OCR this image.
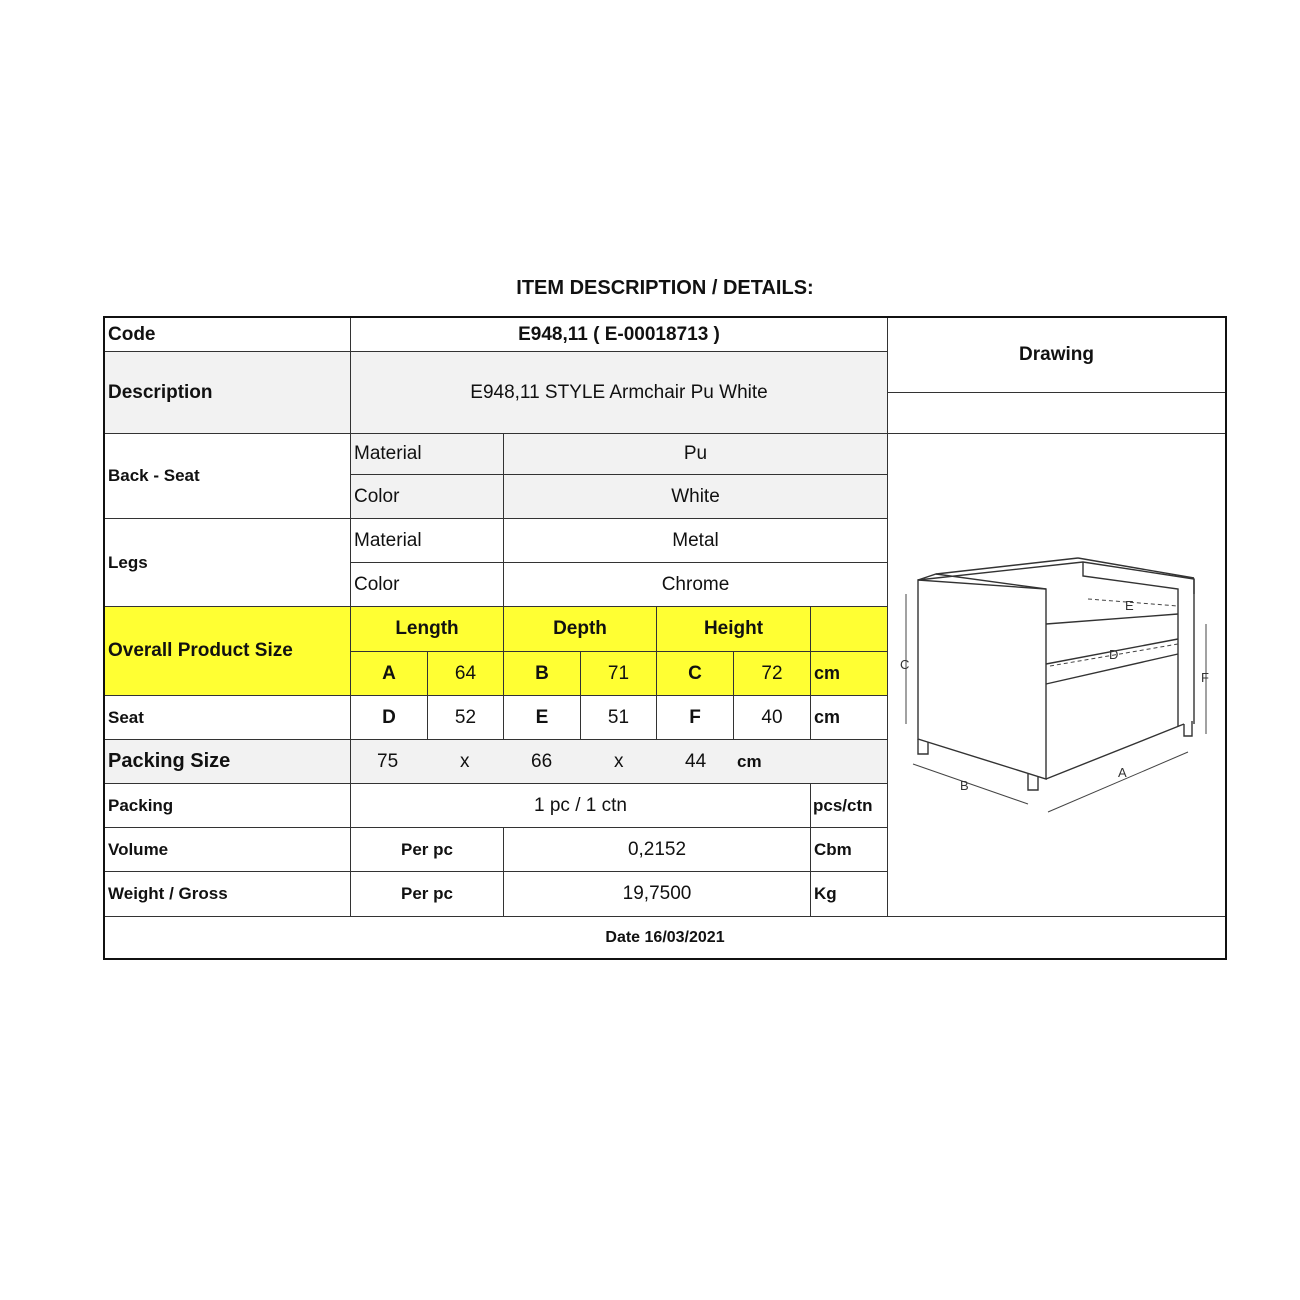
ITEM DESCRIPTION / DETAILS:
Code	E948,11 ( E-00018713 )
Description	E948,11 STYLE Armchair Pu White
Drawing
Back - Seat
Material	Pu
Color	White
Legs
Material	Metal
Color	Chrome
Overall Product Size
Length	Depth	Height
A	64	B	71	C	72	cm
Seat	D	52	E	51	F	40	cm
Packing Size	75	x	66	x	44 cm
Packing	1 pc / 1 ctn	pcs/ctn
Volume	Per pc	0,2152	Cbm
Weight / Gross	Per pc	19,7500	Kg
E
D
B
A
C
F
Date 16/03/2021
